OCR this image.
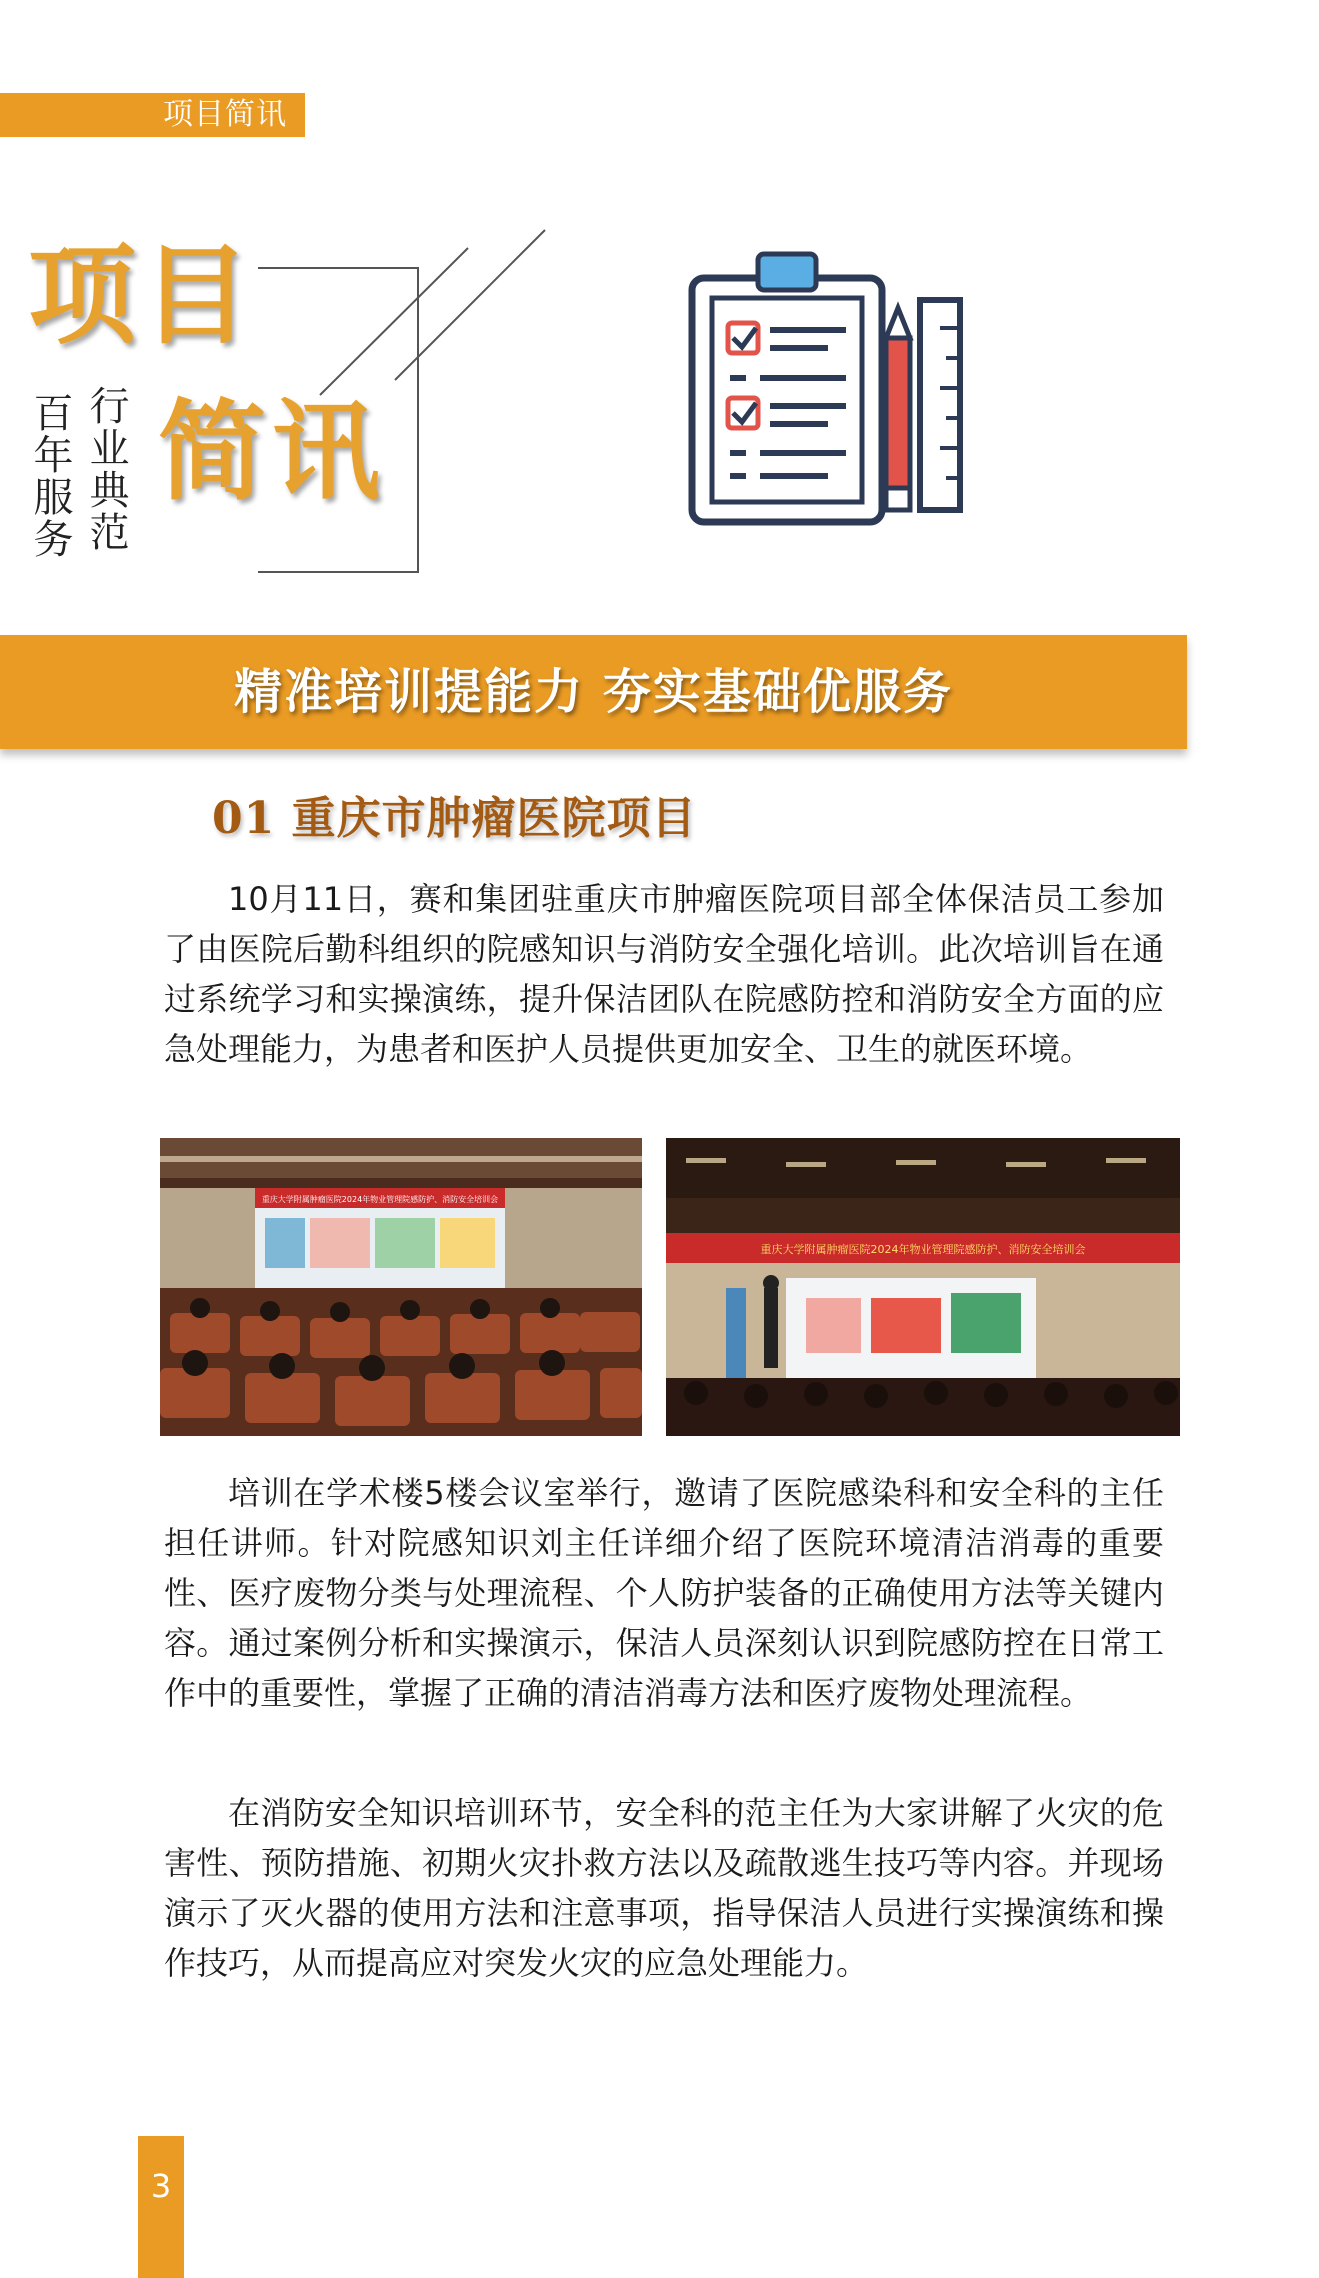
项目简讯
项目
简讯
行业典范
百年服务
精准培训提能力 夯实基础优服务
01 重庆市肿瘤医院项目
10月11日，赛和集团驻重庆市肿瘤医院项目部全体保洁员工参加了由医院后勤科组织的院感知识与消防安全强化培训。此次培训旨在通过系统学习和实操演练，提升保洁团队在院感防控和消防安全方面的应急处理能力，为患者和医护人员提供更加安全、卫生的就医环境。
重庆大学附属肿瘤医院2024年物业管理院感防护、消防安全培训会
重庆大学附属肿瘤医院2024年物业管理院感防护、消防安全培训会
培训在学术楼5楼会议室举行，邀请了医院感染科和安全科的主任担任讲师。针对院感知识刘主任详细介绍了医院环境清洁消毒的重要性、医疗废物分类与处理流程、个人防护装备的正确使用方法等关键内容。通过案例分析和实操演示，保洁人员深刻认识到院感防控在日常工作中的重要性，掌握了正确的清洁消毒方法和医疗废物处理流程。
在消防安全知识培训环节，安全科的范主任为大家讲解了火灾的危害性、预防措施、初期火灾扑救方法以及疏散逃生技巧等内容。并现场演示了灭火器的使用方法和注意事项，指导保洁人员进行实操演练和操作技巧，从而提高应对突发火灾的应急处理能力。
3
